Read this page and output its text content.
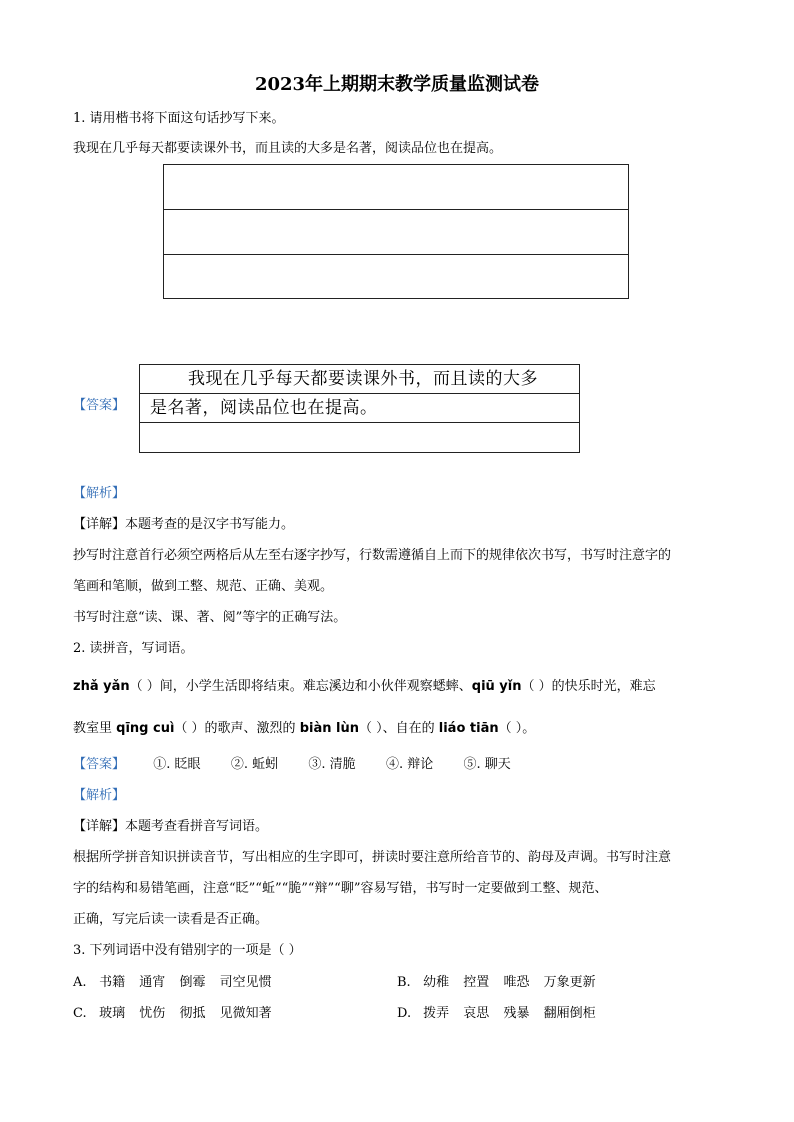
2023年上期期末教学质量监测试卷
1. 请用楷书将下面这句话抄写下来。
我现在几乎每天都要读课外书，而且读的大多是名著，阅读品位也在提高。
【答案】
我现在几乎每天都要读课外书，而且读的大多
是名著，阅读品位也在提高。
【解析】
【详解】本题考查的是汉字书写能力。
抄写时注意首行必须空两格后从左至右逐字抄写，行数需遵循自上而下的规律依次书写，书写时注意字的
笔画和笔顺，做到工整、规范、正确、美观。
书写时注意“读、课、著、阅”等字的正确写法。
2. 读拼音，写词语。
zhǎ yǎn（ ）间，小学生活即将结束。难忘溪边和小伙伴观察蟋蟀、qiū yǐn（ ）的快乐时光，难忘
教室里 qīng cuì（ ）的歌声、激烈的 biàn lùn（ ）、自在的 liáo tiān（ ）。
【答案】 ①. 眨眼 ②. 蚯蚓 ③. 清脆 ④. 辩论 ⑤. 聊天
【解析】
【详解】本题考查看拼音写词语。
根据所学拼音知识拼读音节，写出相应的生字即可，拼读时要注意所给音节的、韵母及声调。书写时注意
字的结构和易错笔画，注意“眨”“蚯”“脆”“辩”“聊”容易写错，书写时一定要做到工整、规范、
正确，写完后读一读看是否正确。
3. 下列词语中没有错别字的一项是（ ）
A. 书籍 通宵 倒霉 司空见惯	B. 幼稚 控置 唯恐 万象更新
C. 玻璃 忧伤 彻抵 见微知著	D. 拨弄 哀思 残暴 翻厢倒柜
